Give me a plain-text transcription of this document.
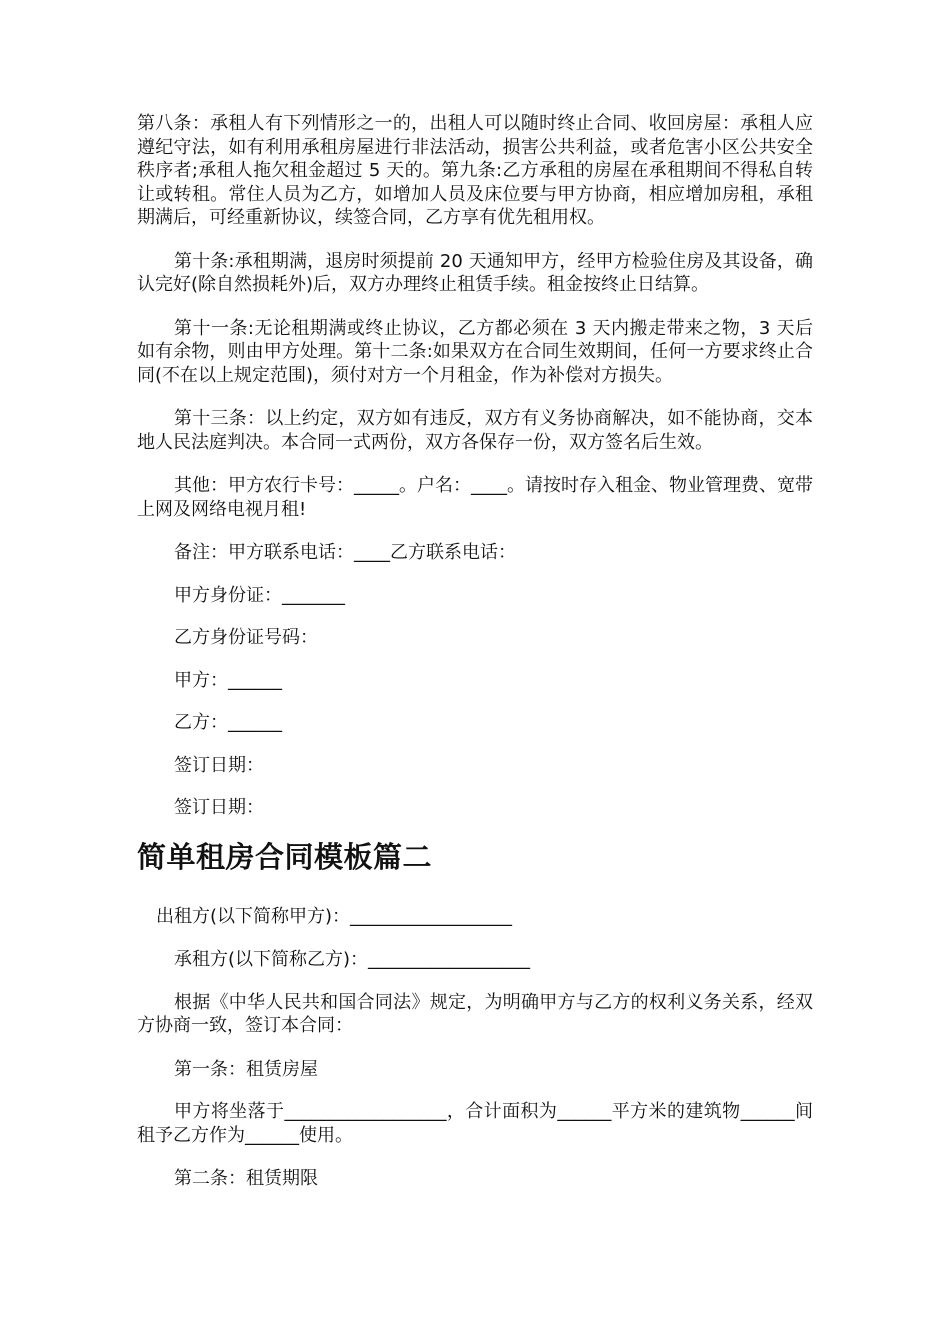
第八条：承租人有下列情形之一的，出租人可以随时终止合同、收回房屋：承租人应遵纪守法，如有利用承租房屋进行非法活动，损害公共利益，或者危害小区公共安全秩序者;承租人拖欠租金超过 5 天的。第九条:乙方承租的房屋在承租期间不得私自转让或转租。常住人员为乙方，如增加人员及床位要与甲方协商，相应增加房租，承租期满后，可经重新协议，续签合同，乙方享有优先租用权。

第十条:承租期满，退房时须提前 20 天通知甲方，经甲方检验住房及其设备，确认完好(除自然损耗外)后，双方办理终止租赁手续。租金按终止日结算。

第十一条:无论租期满或终止协议，乙方都必须在 3 天内搬走带来之物，3 天后如有余物，则由甲方处理。第十二条:如果双方在合同生效期间，任何一方要求终止合同(不在以上规定范围)，须付对方一个月租金，作为补偿对方损失。

第十三条：以上约定，双方如有违反，双方有义务协商解决，如不能协商，交本地人民法庭判决。本合同一式两份，双方各保存一份，双方签名后生效。

其他：甲方农行卡号：_____。户名：____。请按时存入租金、物业管理费、宽带上网及网络电视月租!

备注：甲方联系电话：____乙方联系电话：

甲方身份证：_______

乙方身份证号码：

甲方：______

乙方：______

签订日期：

签订日期：

简单租房合同模板篇二

出租方(以下简称甲方)：__________________

承租方(以下简称乙方)：__________________

根据《中华人民共和国合同法》规定，为明确甲方与乙方的权利义务关系，经双方协商一致，签订本合同：

第一条：租赁房屋

甲方将坐落于__________________，合计面积为______平方米的建筑物______间租予乙方作为______使用。

第二条：租赁期限
